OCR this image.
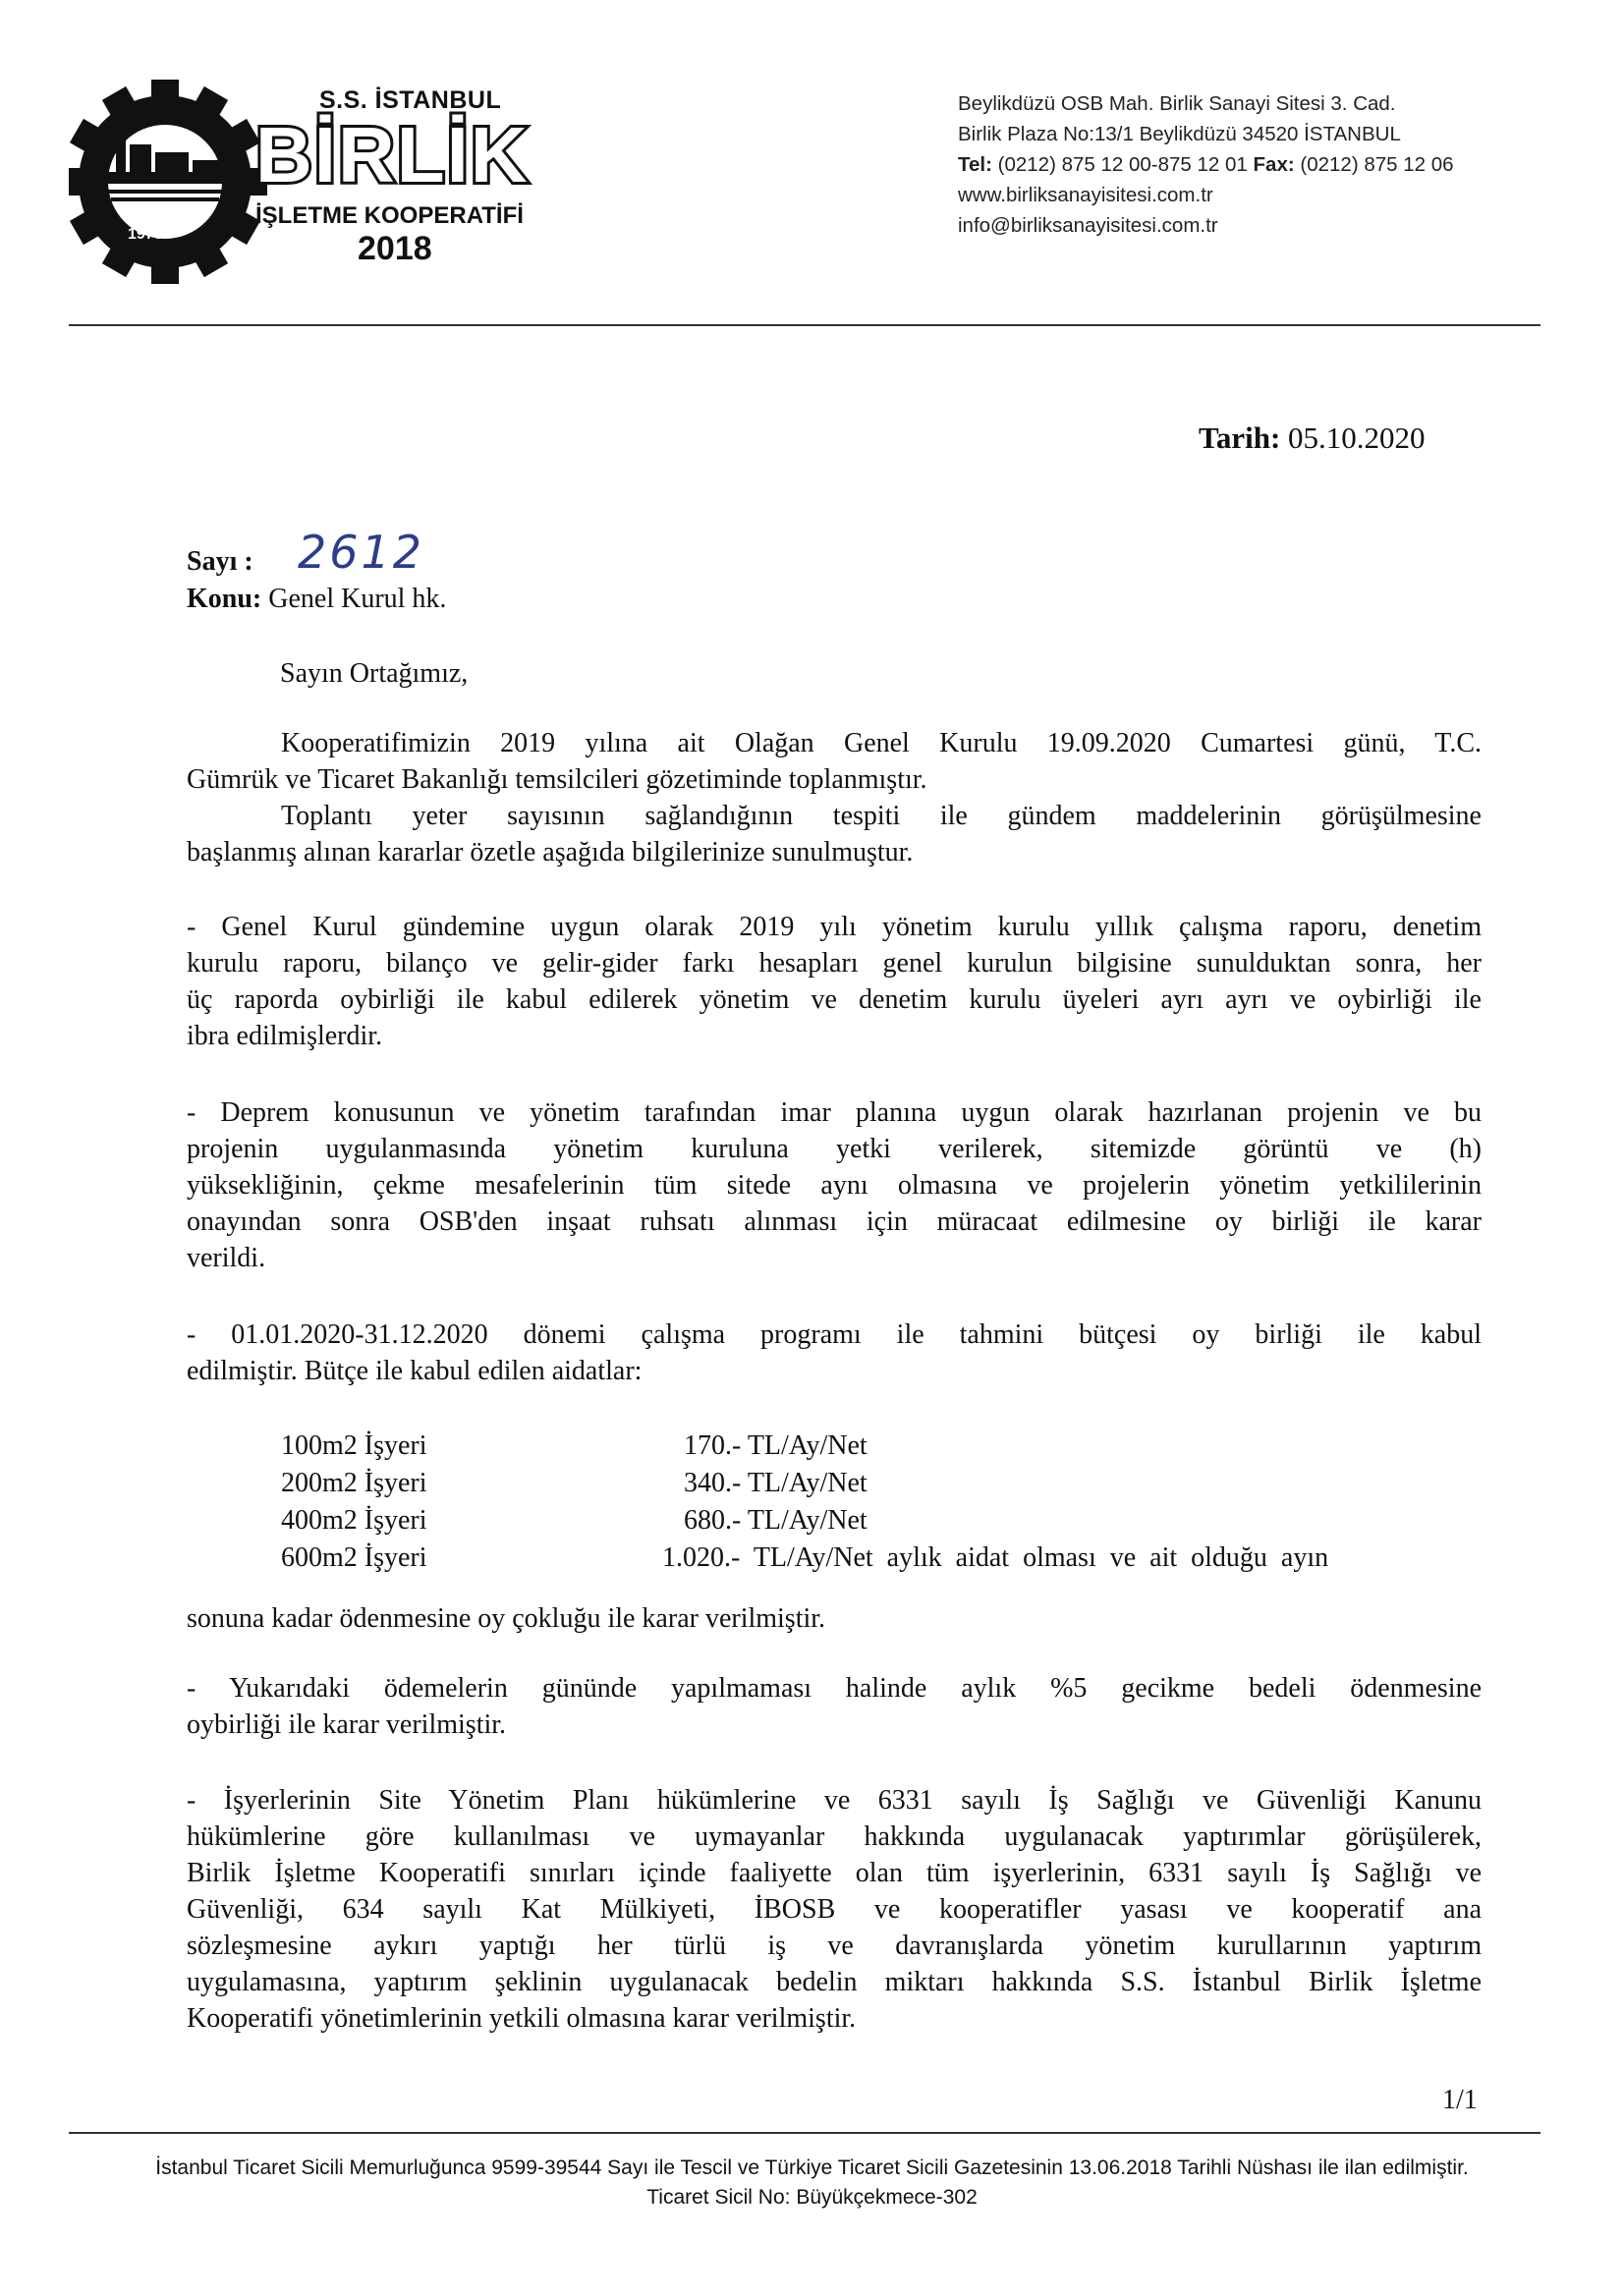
S.S. İSTANBUL
BİRLİK
İŞLETME KOOPERATİFİ
2018
1975
Beylikdüzü OSB Mah. Birlik Sanayi Sitesi 3. Cad.
Birlik Plaza No:13/1 Beylikdüzü 34520 İSTANBUL
Tel: (0212) 875 12 00-875 12 01 Fax: (0212) 875 12 06
www.birliksanayisitesi.com.tr
info@birliksanayisitesi.com.tr
Tarih: 05.10.2020
Sayı : 2612
Konu: Genel Kurul hk.
Sayın Ortağımız,
Kooperatifimizin 2019 yılına ait Olağan Genel Kurulu 19.09.2020 Cumartesi günü, T.C.
Gümrük ve Ticaret Bakanlığı temsilcileri gözetiminde toplanmıştır.
Toplantı yeter sayısının sağlandığının tespiti ile gündem maddelerinin görüşülmesine
başlanmış alınan kararlar özetle aşağıda bilgilerinize sunulmuştur.
- Genel Kurul gündemine uygun olarak 2019 yılı yönetim kurulu yıllık çalışma raporu, denetim
kurulu raporu, bilanço ve gelir-gider farkı hesapları genel kurulun bilgisine sunulduktan sonra, her
üç raporda oybirliği ile kabul edilerek yönetim ve denetim kurulu üyeleri ayrı ayrı ve oybirliği ile
ibra edilmişlerdir.
- Deprem konusunun ve yönetim tarafından imar planına uygun olarak hazırlanan projenin ve bu
projenin uygulanmasında yönetim kuruluna yetki verilerek, sitemizde görüntü ve (h)
yüksekliğinin, çekme mesafelerinin tüm sitede aynı olmasına ve projelerin yönetim yetkililerinin
onayından sonra OSB'den inşaat ruhsatı alınması için müracaat edilmesine oy birliği ile karar
verildi.
- 01.01.2020-31.12.2020 dönemi çalışma programı ile tahmini bütçesi oy birliği ile kabul
edilmiştir. Bütçe ile kabul edilen aidatlar:
100m2 İşyeri	170.- TL/Ay/Net
200m2 İşyeri	340.- TL/Ay/Net
400m2 İşyeri	680.- TL/Ay/Net
600m2 İşyeri	1.020.-  TL/Ay/Net  aylık  aidat  olması  ve  ait  olduğu  ayın
sonuna kadar ödenmesine oy çokluğu ile karar verilmiştir.
- Yukarıdaki ödemelerin gününde yapılmaması halinde aylık %5 gecikme bedeli ödenmesine
oybirliği ile karar verilmiştir.
- İşyerlerinin Site Yönetim Planı hükümlerine ve 6331 sayılı İş Sağlığı ve Güvenliği Kanunu
hükümlerine göre kullanılması ve uymayanlar hakkında uygulanacak yaptırımlar görüşülerek,
Birlik İşletme Kooperatifi sınırları içinde faaliyette olan tüm işyerlerinin, 6331 sayılı İş Sağlığı ve
Güvenliği, 634 sayılı Kat Mülkiyeti, İBOSB ve kooperatifler yasası ve kooperatif ana
sözleşmesine aykırı yaptığı her türlü iş ve davranışlarda yönetim kurullarının yaptırım
uygulamasına, yaptırım şeklinin uygulanacak bedelin miktarı hakkında S.S. İstanbul Birlik İşletme
Kooperatifi yönetimlerinin yetkili olmasına karar verilmiştir.
1/1
İstanbul Ticaret Sicili Memurluğunca 9599-39544 Sayı ile Tescil ve Türkiye Ticaret Sicili Gazetesinin 13.06.2018 Tarihli Nüshası ile ilan edilmiştir.
Ticaret Sicil No: Büyükçekmece-302
